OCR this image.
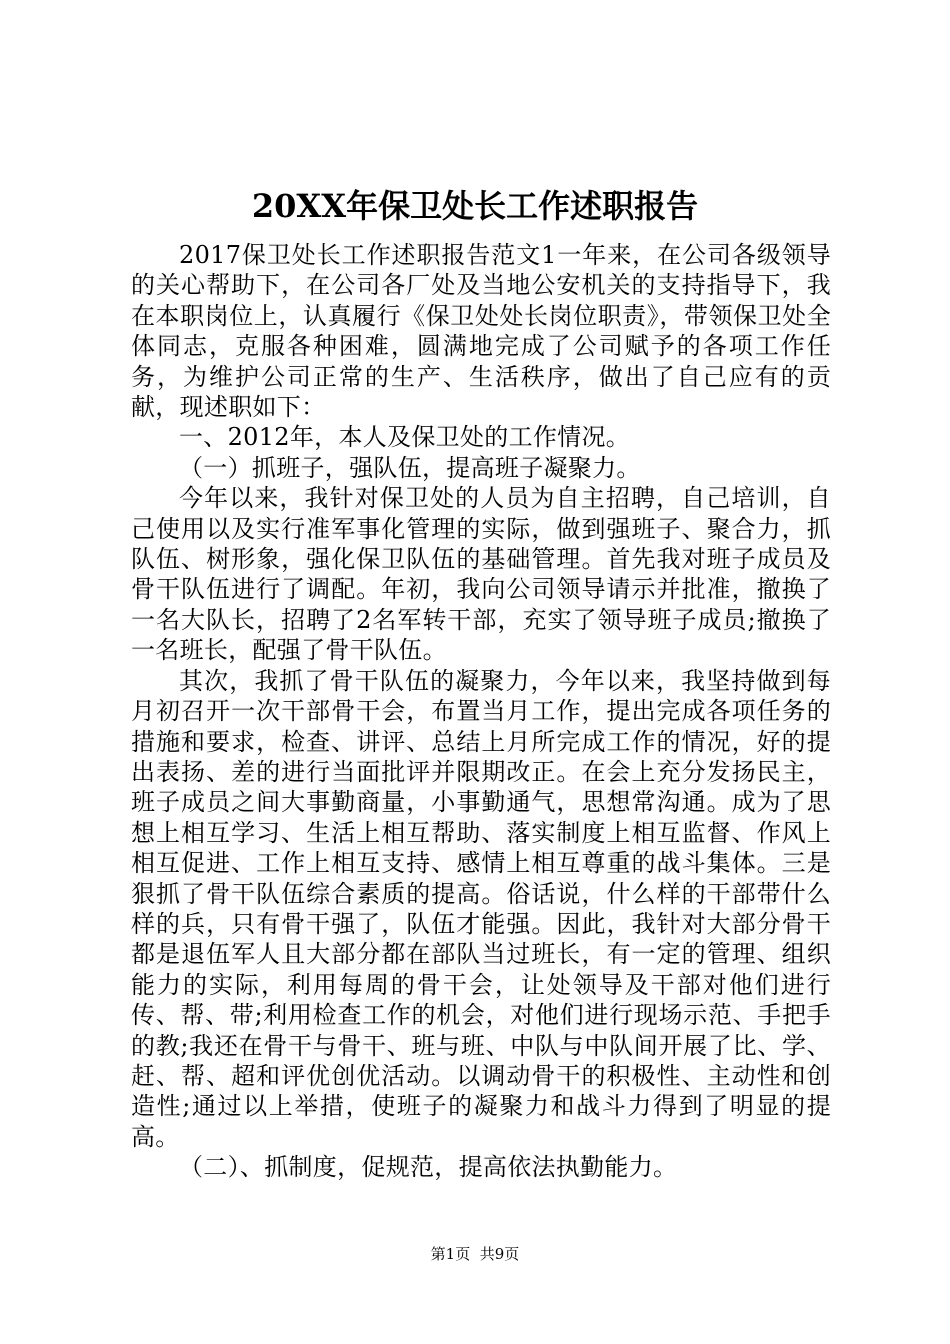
20XX年保卫处长工作述职报告

2017保卫处长工作述职报告范文1一年来，在公司各级领导的关心帮助下，在公司各厂处及当地公安机关的支持指导下，我在本职岗位上，认真履行《保卫处处长岗位职责》，带领保卫处全体同志，克服各种困难，圆满地完成了公司赋予的各项工作任务，为维护公司正常的生产、生活秩序，做出了自己应有的贡献，现述职如下：

一、2012年，本人及保卫处的工作情况。

（一）抓班子，强队伍，提高班子凝聚力。

今年以来，我针对保卫处的人员为自主招聘，自己培训，自己使用以及实行准军事化管理的实际，做到强班子、聚合力，抓队伍、树形象，强化保卫队伍的基础管理。首先我对班子成员及骨干队伍进行了调配。年初，我向公司领导请示并批准，撤换了一名大队长，招聘了2名军转干部，充实了领导班子成员;撤换了一名班长，配强了骨干队伍。

其次，我抓了骨干队伍的凝聚力，今年以来，我坚持做到每月初召开一次干部骨干会，布置当月工作，提出完成各项任务的措施和要求，检查、讲评、总结上月所完成工作的情况，好的提出表扬、差的进行当面批评并限期改正。在会上充分发扬民主，班子成员之间大事勤商量，小事勤通气，思想常沟通。成为了思想上相互学习、生活上相互帮助、落实制度上相互监督、作风上相互促进、工作上相互支持、感情上相互尊重的战斗集体。三是狠抓了骨干队伍综合素质的提高。俗话说，什么样的干部带什么样的兵，只有骨干强了，队伍才能强。因此，我针对大部分骨干都是退伍军人且大部分都在部队当过班长，有一定的管理、组织能力的实际，利用每周的骨干会，让处领导及干部对他们进行传、帮、带;利用检查工作的机会，对他们进行现场示范、手把手的教;我还在骨干与骨干、班与班、中队与中队间开展了比、学、赶、帮、超和评优创优活动。以调动骨干的积极性、主动性和创造性;通过以上举措，使班子的凝聚力和战斗力得到了明显的提高。

（二）、抓制度，促规范，提高依法执勤能力。

第1页 共9页
